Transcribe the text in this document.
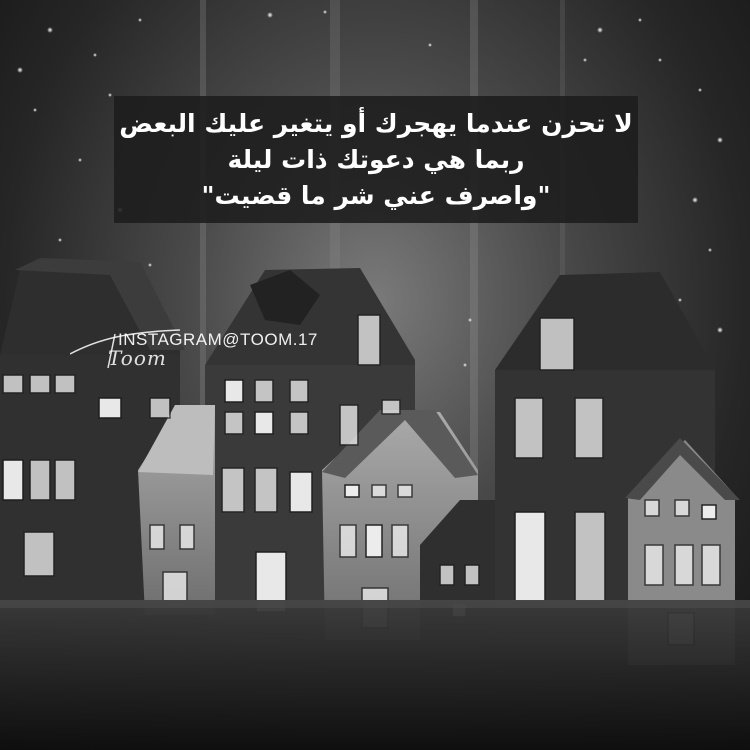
لا تحزن عندما يهجرك أو يتغير عليك البعض
ربما هي دعوتك ذات ليلة
"واصرف عني شر ما قضيت"
INSTAGRAM@TOOM.17
Toom
